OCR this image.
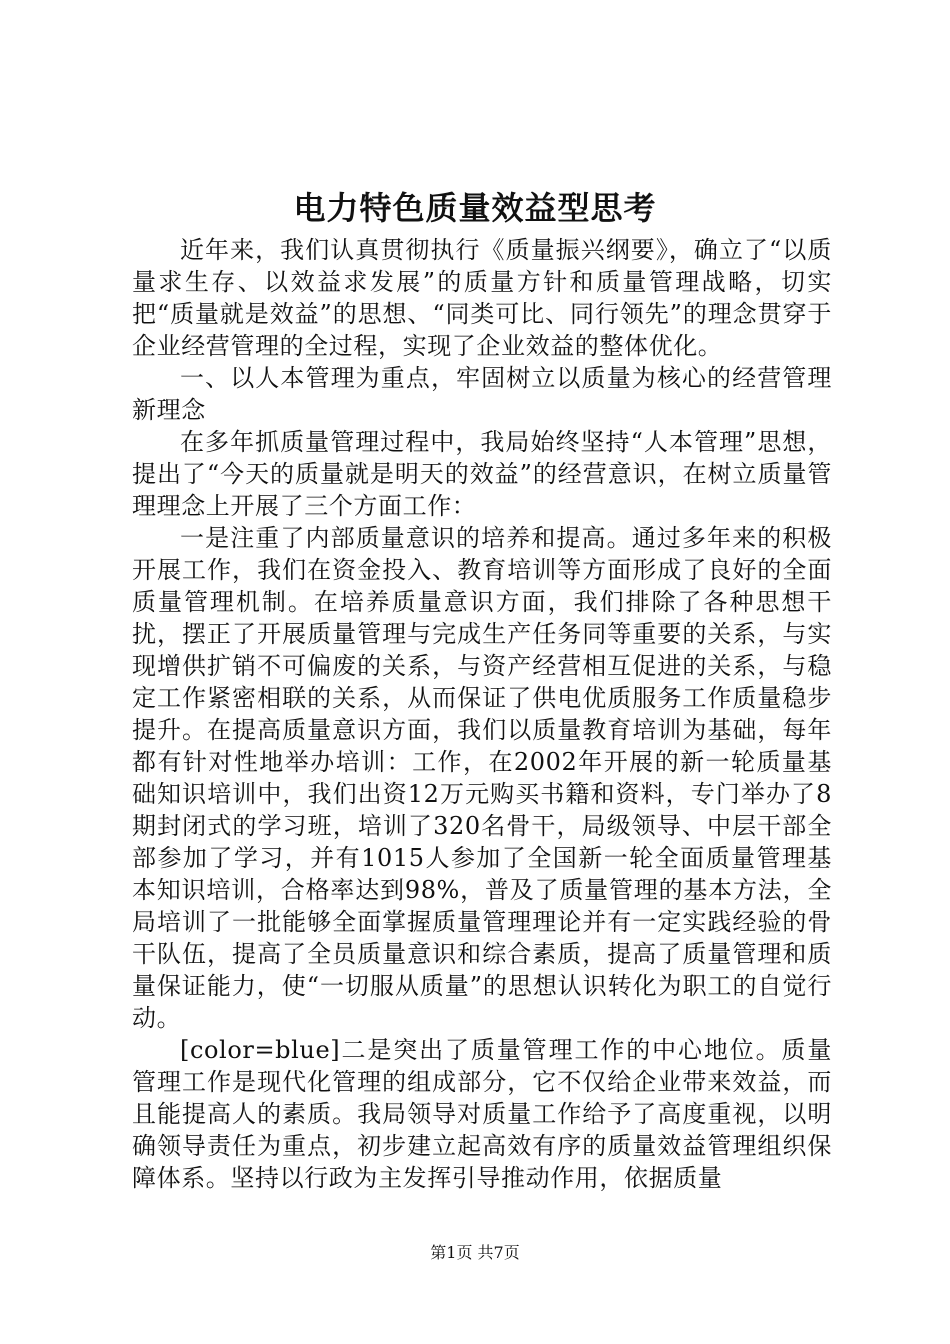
电力特色质量效益型思考

近年来，我们认真贯彻执行《质量振兴纲要》，确立了“以质量求生存、以效益求发展”的质量方针和质量管理战略，切实把“质量就是效益”的思想、“同类可比、同行领先”的理念贯穿于企业经营管理的全过程，实现了企业效益的整体优化。

一、以人本管理为重点，牢固树立以质量为核心的经营管理新理念

在多年抓质量管理过程中，我局始终坚持“人本管理”思想，提出了“今天的质量就是明天的效益”的经营意识，在树立质量管理理念上开展了三个方面工作：

一是注重了内部质量意识的培养和提高。通过多年来的积极开展工作，我们在资金投入、教育培训等方面形成了良好的全面质量管理机制。在培养质量意识方面，我们排除了各种思想干扰，摆正了开展质量管理与完成生产任务同等重要的关系，与实现增供扩销不可偏废的关系，与资产经营相互促进的关系，与稳定工作紧密相联的关系，从而保证了供电优质服务工作质量稳步提升。在提高质量意识方面，我们以质量教育培训为基础，每年都有针对性地举办培训：工作，在2002年开展的新一轮质量基础知识培训中，我们出资12万元购买书籍和资料，专门举办了8期封闭式的学习班，培训了320名骨干，局级领导、中层干部全部参加了学习，并有1015人参加了全国新一轮全面质量管理基本知识培训，合格率达到98%，普及了质量管理的基本方法，全局培训了一批能够全面掌握质量管理理论并有一定实践经验的骨干队伍，提高了全员质量意识和综合素质，提高了质量管理和质量保证能力，使“一切服从质量”的思想认识转化为职工的自觉行动。

[color=blue]二是突出了质量管理工作的中心地位。质量管理工作是现代化管理的组成部分，它不仅给企业带来效益，而且能提高人的素质。我局领导对质量工作给予了高度重视，以明确领导责任为重点，初步建立起高效有序的质量效益管理组织保障体系。坚持以行政为主发挥引导推动作用，依据质量

第1页 共7页
